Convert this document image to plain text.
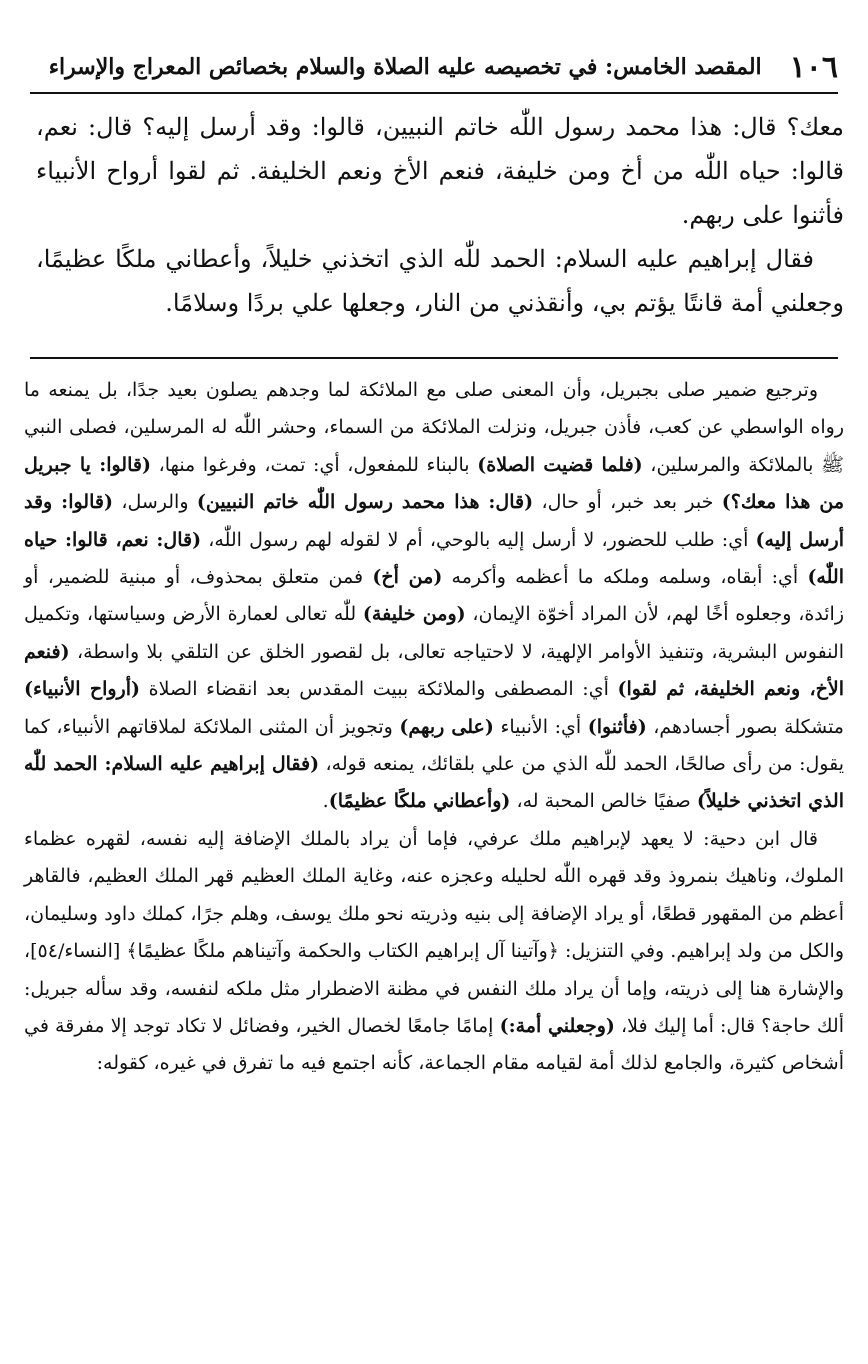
١٠٦
المقصد الخامس: في تخصيصه عليه الصلاة والسلام بخصائص المعراج والإسراء

معك؟ قال: هذا محمد رسول اللّٰه خاتم النبيين، قالوا: وقد أرسل إليه؟ قال: نعم، قالوا: حياه اللّٰه من أخ ومن خليفة، فنعم الأخ ونعم الخليفة. ثم لقوا أرواح الأنبياء فأثنوا على ربهم.

فقال إبراهيم عليه السلام: الحمد للّٰه الذي اتخذني خليلاً، وأعطاني ملكًا عظيمًا، وجعلني أمة قانتًا يؤتم بي، وأنقذني من النار، وجعلها علي بردًا وسلامًا.

وترجيع ضمير صلى بجبريل، وأن المعنى صلى مع الملائكة لما وجدهم يصلون بعيد جدًا، بل يمنعه ما رواه الواسطي عن كعب، فأذن جبريل، ونزلت الملائكة من السماء، وحشر اللّٰه له المرسلين، فصلى النبي ﷺ بالملائكة والمرسلين، (فلما قضيت الصلاة) بالبناء للمفعول، أي: تمت، وفرغوا منها، (قالوا: يا جبريل من هذا معك؟) خبر بعد خبر، أو حال، (قال: هذا محمد رسول اللّٰه خاتم النبيين) والرسل، (قالوا: وقد أرسل إليه) أي: طلب للحضور، لا أرسل إليه بالوحي، أم لا لقوله لهم رسول اللّٰه، (قال: نعم، قالوا: حياه اللّٰه) أي: أبقاه، وسلمه وملكه ما أعظمه وأكرمه (من أخ) فمن متعلق بمحذوف، أو مبنية للضمير، أو زائدة، وجعلوه أخًا لهم، لأن المراد أخوّة الإيمان، (ومن خليفة) للّٰه تعالى لعمارة الأرض وسياستها، وتكميل النفوس البشرية، وتنفيذ الأوامر الإلهية، لا لاحتياجه تعالى، بل لقصور الخلق عن التلقي بلا واسطة، (فنعم الأخ، ونعم الخليفة، ثم لقوا) أي: المصطفى والملائكة ببيت المقدس بعد انقضاء الصلاة (أرواح الأنبياء) متشكلة بصور أجسادهم، (فأثنوا) أي: الأنبياء (على ربهم) وتجويز أن المثنى الملائكة لملاقاتهم الأنبياء، كما يقول: من رأى صالحًا، الحمد للّٰه الذي من علي بلقائك، يمنعه قوله، (فقال إبراهيم عليه السلام: الحمد للّٰه الذي اتخذني خليلاً) صفيًا خالص المحبة له، (وأعطاني ملكًا عظيمًا).

قال ابن دحية: لا يعهد لإبراهيم ملك عرفي، فإما أن يراد بالملك الإضافة إليه نفسه، لقهره عظماء الملوك، وناهيك بنمروذ وقد قهره اللّٰه لحليله وعجزه عنه، وغاية الملك العظيم قهر الملك العظيم، فالقاهر أعظم من المقهور قطعًا، أو يراد الإضافة إلى بنيه وذريته نحو ملك يوسف، وهلم جرًا، كملك داود وسليمان، والكل من ولد إبراهيم. وفي التنزيل: ﴿وآتينا آل إبراهيم الكتاب والحكمة وآتيناهم ملكًا عظيمًا﴾ [النساء/٥٤]، والإشارة هنا إلى ذريته، وإما أن يراد ملك النفس في مظنة الاضطرار مثل ملكه لنفسه، وقد سأله جبريل: ألك حاجة؟ قال: أما إليك فلا، (وجعلني أمة:) إمامًا جامعًا لخصال الخير، وفضائل لا تكاد توجد إلا مفرقة في أشخاص كثيرة، والجامع لذلك أمة لقيامه مقام الجماعة، كأنه اجتمع فيه ما تفرق في غيره، كقوله:
